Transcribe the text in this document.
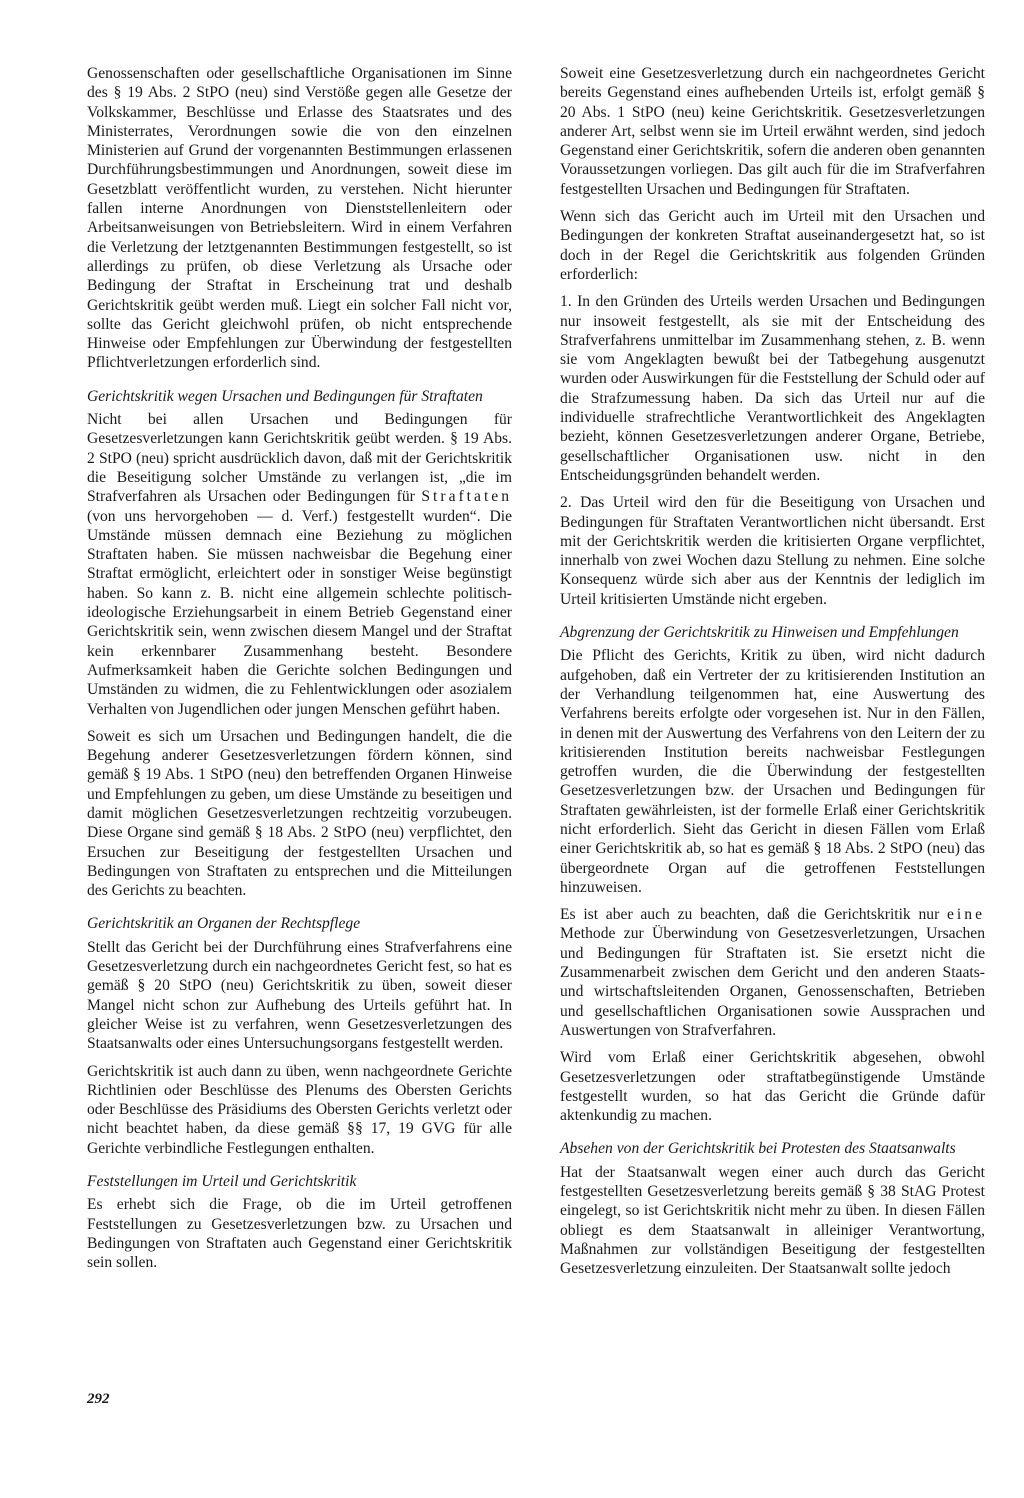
Genossenschaften oder gesellschaftliche Organisationen im Sinne des § 19 Abs. 2 StPO (neu) sind Verstöße gegen alle Gesetze der Volkskammer, Beschlüsse und Erlasse des Staatsrates und des Ministerrates, Verordnungen sowie die von den einzelnen Ministerien auf Grund der vorgenannten Bestimmungen erlassenen Durchführungsbestimmungen und Anordnungen, soweit diese im Gesetzblatt veröffentlicht wurden, zu verstehen. Nicht hierunter fallen interne Anordnungen von Dienststellenleitern oder Arbeitsanweisungen von Betriebsleitern. Wird in einem Verfahren die Verletzung der letztgenannten Bestimmungen festgestellt, so ist allerdings zu prüfen, ob diese Verletzung als Ursache oder Bedingung der Straftat in Erscheinung trat und deshalb Gerichtskritik geübt werden muß. Liegt ein solcher Fall nicht vor, sollte das Gericht gleichwohl prüfen, ob nicht entsprechende Hinweise oder Empfehlungen zur Überwindung der festgestellten Pflichtverletzungen erforderlich sind.

Gerichtskritik wegen Ursachen und Bedingungen für Straftaten

Nicht bei allen Ursachen und Bedingungen für Gesetzesverletzungen kann Gerichtskritik geübt werden. § 19 Abs. 2 StPO (neu) spricht ausdrücklich davon, daß mit der Gerichtskritik die Beseitigung solcher Umstände zu verlangen ist, „die im Strafverfahren als Ursachen oder Bedingungen für Straftaten (von uns hervorgehoben — d. Verf.) festgestellt wurden“. Die Umstände müssen demnach eine Beziehung zu möglichen Straftaten haben. Sie müssen nachweisbar die Begehung einer Straftat ermöglicht, erleichtert oder in sonstiger Weise begünstigt haben. So kann z. B. nicht eine allgemein schlechte politisch-ideologische Erziehungsarbeit in einem Betrieb Gegenstand einer Gerichtskritik sein, wenn zwischen diesem Mangel und der Straftat kein erkennbarer Zusammenhang besteht. Besondere Aufmerksamkeit haben die Gerichte solchen Bedingungen und Umständen zu widmen, die zu Fehlentwicklungen oder asozialem Verhalten von Jugendlichen oder jungen Menschen geführt haben.

Soweit es sich um Ursachen und Bedingungen handelt, die die Begehung anderer Gesetzesverletzungen fördern können, sind gemäß § 19 Abs. 1 StPO (neu) den betreffenden Organen Hinweise und Empfehlungen zu geben, um diese Umstände zu beseitigen und damit möglichen Gesetzesverletzungen rechtzeitig vorzubeugen. Diese Organe sind gemäß § 18 Abs. 2 StPO (neu) verpflichtet, den Ersuchen zur Beseitigung der festgestellten Ursachen und Bedingungen von Straftaten zu entsprechen und die Mitteilungen des Gerichts zu beachten.

Gerichtskritik an Organen der Rechtspflege

Stellt das Gericht bei der Durchführung eines Strafverfahrens eine Gesetzesverletzung durch ein nachgeordnetes Gericht fest, so hat es gemäß § 20 StPO (neu) Gerichtskritik zu üben, soweit dieser Mangel nicht schon zur Aufhebung des Urteils geführt hat. In gleicher Weise ist zu verfahren, wenn Gesetzesverletzungen des Staatsanwalts oder eines Untersuchungsorgans festgestellt werden.

Gerichtskritik ist auch dann zu üben, wenn nachgeordnete Gerichte Richtlinien oder Beschlüsse des Plenums des Obersten Gerichts oder Beschlüsse des Präsidiums des Obersten Gerichts verletzt oder nicht beachtet haben, da diese gemäß §§ 17, 19 GVG für alle Gerichte verbindliche Festlegungen enthalten.

Feststellungen im Urteil und Gerichtskritik

Es erhebt sich die Frage, ob die im Urteil getroffenen Feststellungen zu Gesetzesverletzungen bzw. zu Ursachen und Bedingungen von Straftaten auch Gegenstand einer Gerichtskritik sein sollen.

Soweit eine Gesetzesverletzung durch ein nachgeordnetes Gericht bereits Gegenstand eines aufhebenden Urteils ist, erfolgt gemäß § 20 Abs. 1 StPO (neu) keine Gerichtskritik. Gesetzesverletzungen anderer Art, selbst wenn sie im Urteil erwähnt werden, sind jedoch Gegenstand einer Gerichtskritik, sofern die anderen oben genannten Voraussetzungen vorliegen. Das gilt auch für die im Strafverfahren festgestellten Ursachen und Bedingungen für Straftaten.

Wenn sich das Gericht auch im Urteil mit den Ursachen und Bedingungen der konkreten Straftat auseinandergesetzt hat, so ist doch in der Regel die Gerichtskritik aus folgenden Gründen erforderlich:

1. In den Gründen des Urteils werden Ursachen und Bedingungen nur insoweit festgestellt, als sie mit der Entscheidung des Strafverfahrens unmittelbar im Zusammenhang stehen, z. B. wenn sie vom Angeklagten bewußt bei der Tatbegehung ausgenutzt wurden oder Auswirkungen für die Feststellung der Schuld oder auf die Strafzumessung haben. Da sich das Urteil nur auf die individuelle strafrechtliche Verantwortlichkeit des Angeklagten bezieht, können Gesetzesverletzungen anderer Organe, Betriebe, gesellschaftlicher Organisationen usw. nicht in den Entscheidungsgründen behandelt werden.

2. Das Urteil wird den für die Beseitigung von Ursachen und Bedingungen für Straftaten Verantwortlichen nicht übersandt. Erst mit der Gerichtskritik werden die kritisierten Organe verpflichtet, innerhalb von zwei Wochen dazu Stellung zu nehmen. Eine solche Konsequenz würde sich aber aus der Kenntnis der lediglich im Urteil kritisierten Umstände nicht ergeben.

Abgrenzung der Gerichtskritik zu Hinweisen und Empfehlungen

Die Pflicht des Gerichts, Kritik zu üben, wird nicht dadurch aufgehoben, daß ein Vertreter der zu kritisierenden Institution an der Verhandlung teilgenommen hat, eine Auswertung des Verfahrens bereits erfolgte oder vorgesehen ist. Nur in den Fällen, in denen mit der Auswertung des Verfahrens von den Leitern der zu kritisierenden Institution bereits nachweisbar Festlegungen getroffen wurden, die die Überwindung der festgestellten Gesetzesverletzungen bzw. der Ursachen und Bedingungen für Straftaten gewährleisten, ist der formelle Erlaß einer Gerichtskritik nicht erforderlich. Sieht das Gericht in diesen Fällen vom Erlaß einer Gerichtskritik ab, so hat es gemäß § 18 Abs. 2 StPO (neu) das übergeordnete Organ auf die getroffenen Feststellungen hinzuweisen.

Es ist aber auch zu beachten, daß die Gerichtskritik nur eine Methode zur Überwindung von Gesetzesverletzungen, Ursachen und Bedingungen für Straftaten ist. Sie ersetzt nicht die Zusammenarbeit zwischen dem Gericht und den anderen Staats- und wirtschaftsleitenden Organen, Genossenschaften, Betrieben und gesellschaftlichen Organisationen sowie Aussprachen und Auswertungen von Strafverfahren.

Wird vom Erlaß einer Gerichtskritik abgesehen, obwohl Gesetzesverletzungen oder straftatbegünstigende Umstände festgestellt wurden, so hat das Gericht die Gründe dafür aktenkundig zu machen.

Absehen von der Gerichtskritik bei Protesten des Staatsanwalts

Hat der Staatsanwalt wegen einer auch durch das Gericht festgestellten Gesetzesverletzung bereits gemäß § 38 StAG Protest eingelegt, so ist Gerichtskritik nicht mehr zu üben. In diesen Fällen obliegt es dem Staatsanwalt in alleiniger Verantwortung, Maßnahmen zur vollständigen Beseitigung der festgestellten Gesetzesverletzung einzuleiten. Der Staatsanwalt sollte jedoch

292
